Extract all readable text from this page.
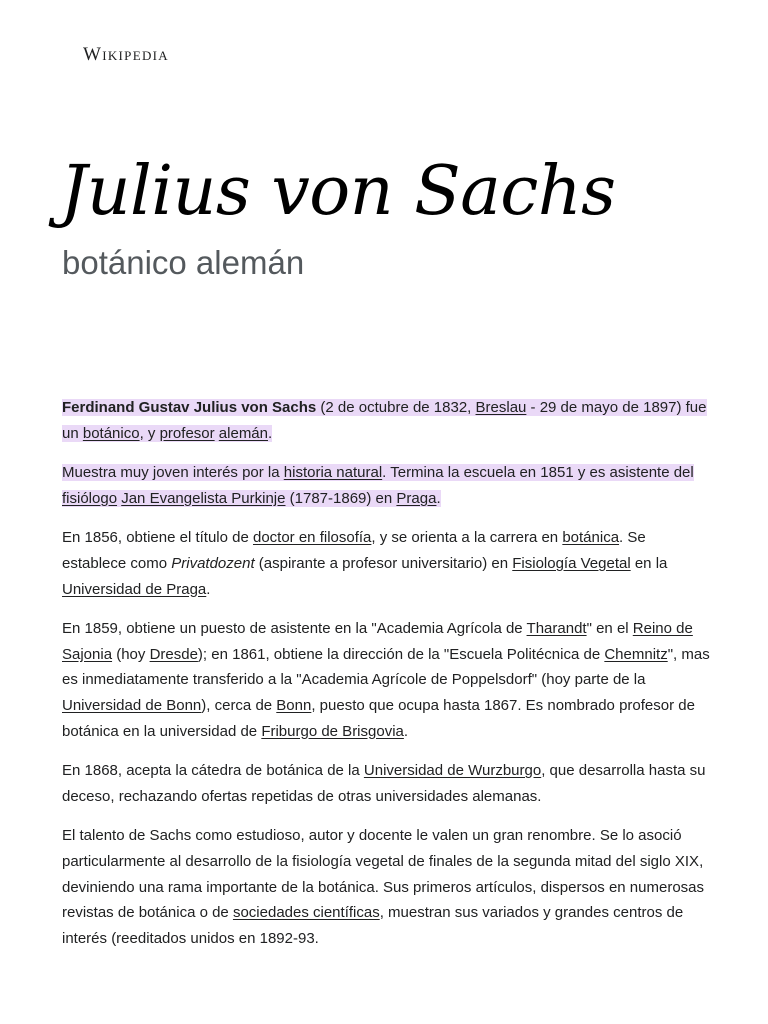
Wikipedia
Julius von Sachs
botánico alemán

Ferdinand Gustav Julius von Sachs (2 de octubre de 1832, Breslau - 29 de mayo de 1897) fue un botánico, y profesor alemán.

Muestra muy joven interés por la historia natural. Termina la escuela en 1851 y es asistente del fisiólogo Jan Evangelista Purkinje (1787-1869) en Praga.

En 1856, obtiene el título de doctor en filosofía, y se orienta a la carrera en botánica. Se establece como Privatdozent (aspirante a profesor universitario) en Fisiología Vegetal en la Universidad de Praga.

En 1859, obtiene un puesto de asistente en la "Academia Agrícola de Tharandt" en el Reino de Sajonia (hoy Dresde); en 1861, obtiene la dirección de la "Escuela Politécnica de Chemnitz", mas es inmediatamente transferido a la "Academia Agrícole de Poppelsdorf" (hoy parte de la Universidad de Bonn), cerca de Bonn, puesto que ocupa hasta 1867. Es nombrado profesor de botánica en la universidad de Friburgo de Brisgovia.

En 1868, acepta la cátedra de botánica de la Universidad de Wurzburgo, que desarrolla hasta su deceso, rechazando ofertas repetidas de otras universidades alemanas.

El talento de Sachs como estudioso, autor y docente le valen un gran renombre. Se lo asoció particularmente al desarrollo de la fisiología vegetal de finales de la segunda mitad del siglo XIX, deviniendo una rama importante de la botánica. Sus primeros artículos, dispersos en numerosas revistas de botánica o de sociedades científicas, muestran sus variados y grandes centros de interés (reeditados unidos en 1892-93.
